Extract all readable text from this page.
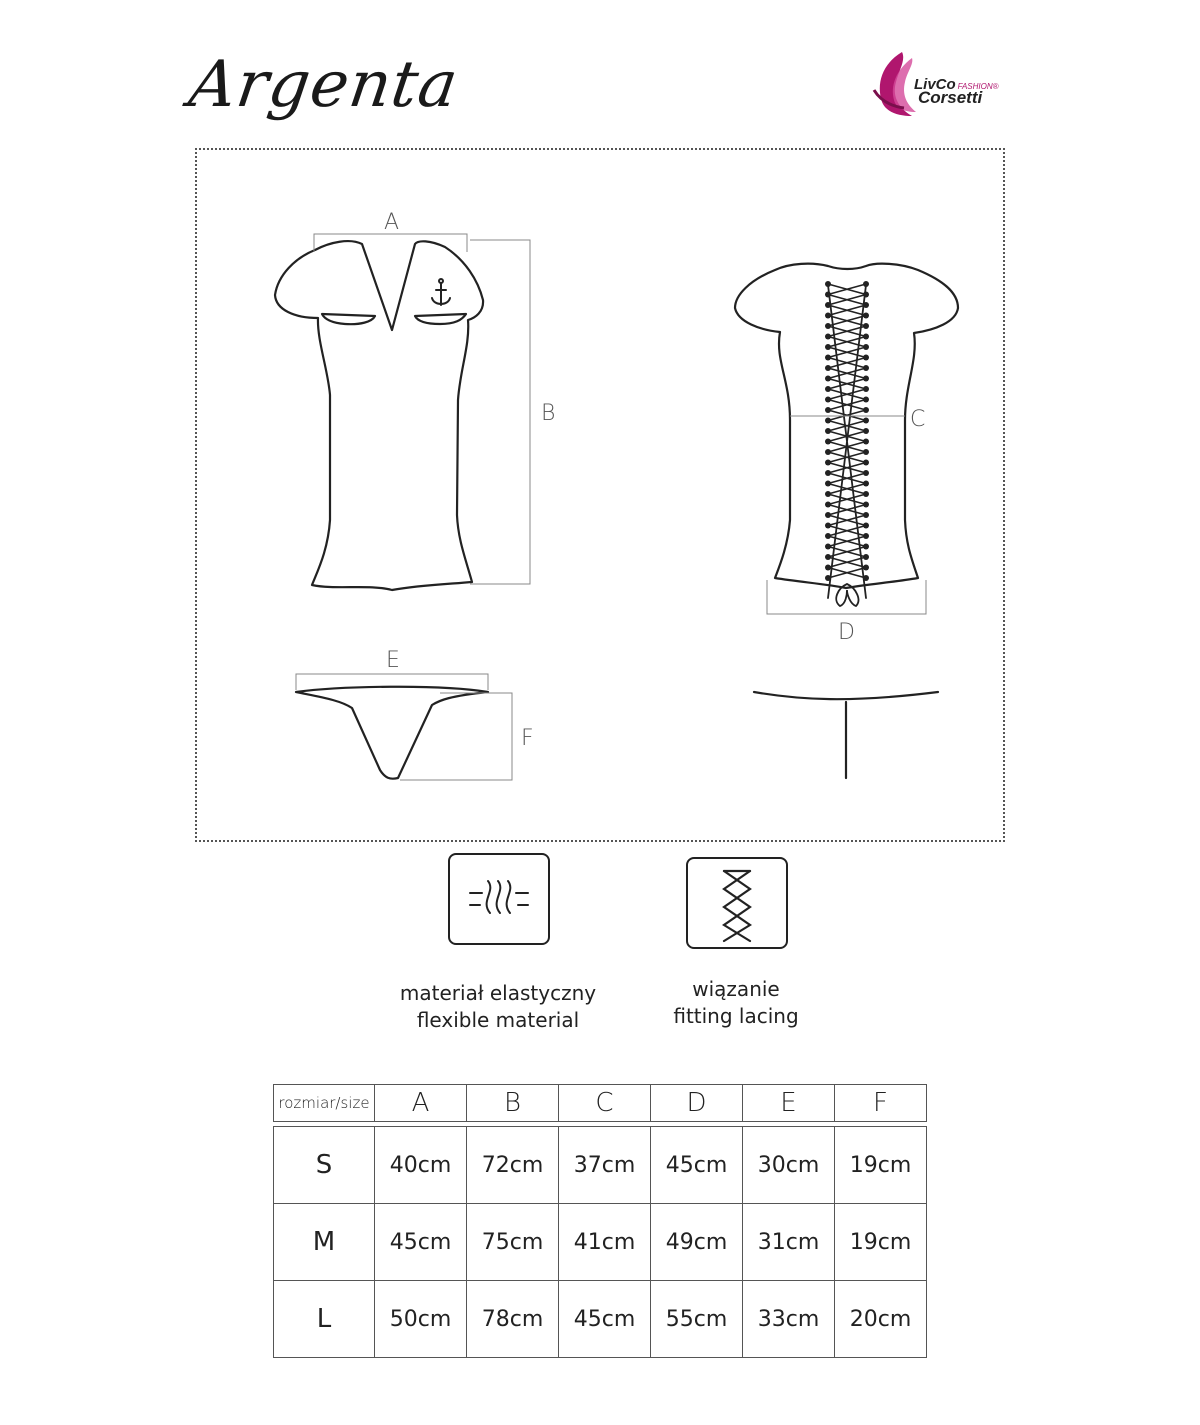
Argenta	LivCo FASHION®
Corsetti
A
B	C
D
E
F
materiał elastyczny
flexible material
wiązanie
fitting lacing
rozmiar/size	A	B	C	D	E	F

S	40cm	72cm	37cm	45cm	30cm	19cm
M	45cm	75cm	41cm	49cm	31cm	19cm
L	50cm	78cm	45cm	55cm	33cm	20cm
